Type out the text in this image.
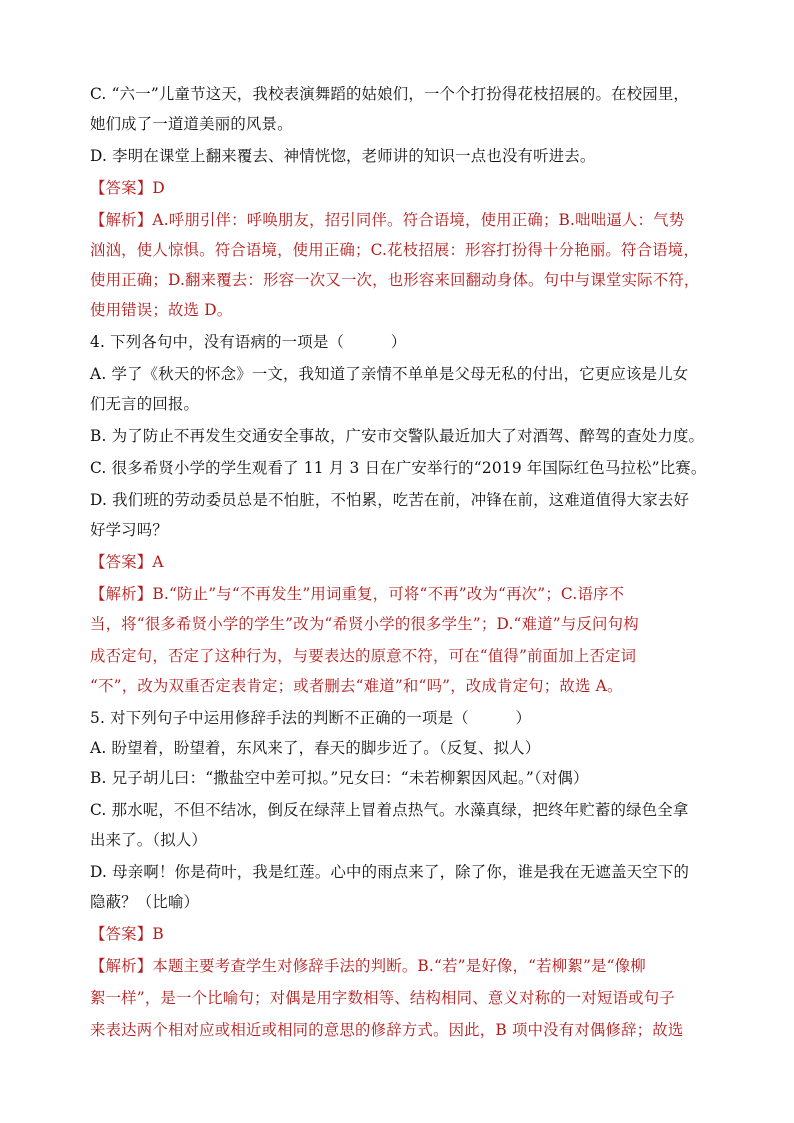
C. “六一”儿童节这天，我校表演舞蹈的姑娘们，一个个打扮得花枝招展的。在校园里，
她们成了一道道美丽的风景。
D. 李明在课堂上翻来覆去、神情恍惚，老师讲的知识一点也没有听进去。
【答案】D
【解析】A.呼朋引伴：呼唤朋友，招引同伴。符合语境，使用正确；B.咄咄逼人：气势
汹汹，使人惊惧。符合语境，使用正确；C.花枝招展：形容打扮得十分艳丽。符合语境，
使用正确；D.翻来覆去：形容一次又一次，也形容来回翻动身体。句中与课堂实际不符，
使用错误；故选 D。
4. 下列各句中，没有语病的一项是（　　　）
A. 学了《秋天的怀念》一文，我知道了亲情不单单是父母无私的付出，它更应该是儿女
们无言的回报。
B. 为了防止不再发生交通安全事故，广安市交警队最近加大了对酒驾、醉驾的查处力度。
C. 很多希贤小学的学生观看了 11 月 3 日在广安举行的“2019 年国际红色马拉松”比赛。
D. 我们班的劳动委员总是不怕脏，不怕累，吃苦在前，冲锋在前，这难道值得大家去好
好学习吗？
【答案】A
【解析】B.“防止”与“不再发生”用词重复，可将“不再”改为“再次”；C.语序不
当，将“很多希贤小学的学生”改为“希贤小学的很多学生”；D.“难道”与反问句构
成否定句，否定了这种行为，与要表达的原意不符，可在“值得”前面加上否定词
“不”，改为双重否定表肯定；或者删去“难道”和“吗”，改成肯定句；故选 A。
5. 对下列句子中运用修辞手法的判断不正确的一项是（　　　）
A. 盼望着，盼望着，东风来了，春天的脚步近了。（反复、拟人）
B. 兄子胡儿曰：“撒盐空中差可拟。”兄女曰：“未若柳絮因风起。”（对偶）
C. 那水呢，不但不结冰，倒反在绿萍上冒着点热气。水藻真绿，把终年贮蓄的绿色全拿
出来了。（拟人）
D. 母亲啊！你是荷叶，我是红莲。心中的雨点来了，除了你，谁是我在无遮盖天空下的
隐蔽？（比喻）
【答案】B
【解析】本题主要考查学生对修辞手法的判断。B.“若”是好像，“若柳絮”是“像柳
絮一样”，是一个比喻句；对偶是用字数相等、结构相同、意义对称的一对短语或句子
来表达两个相对应或相近或相同的意思的修辞方式。因此，B 项中没有对偶修辞；故选
